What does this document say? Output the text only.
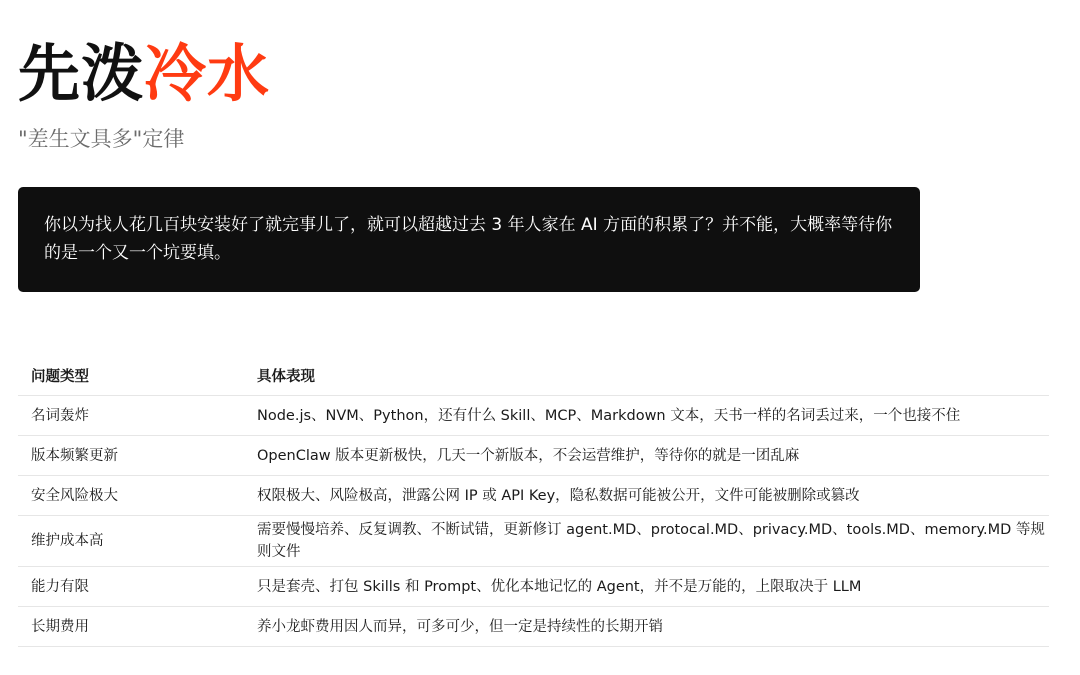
先泼冷水
"差生文具多"定律

你以为找人花几百块安装好了就完事儿了，就可以超越过去 3 年人家在 AI 方面的积累了？并不能，大概率等待你的是一个又一个坑要填。

问题类型	具体表现
名词轰炸	Node.js、NVM、Python，还有什么 Skill、MCP、Markdown 文本，天书一样的名词丢过来，一个也接不住
版本频繁更新	OpenClaw 版本更新极快，几天一个新版本，不会运营维护，等待你的就是一团乱麻
安全风险极大	权限极大、风险极高，泄露公网 IP 或 API Key，隐私数据可能被公开，文件可能被删除或篡改
维护成本高	需要慢慢培养、反复调教、不断试错，更新修订 agent.MD、protocal.MD、privacy.MD、tools.MD、memory.MD 等规则文件
能力有限	只是套壳、打包 Skills 和 Prompt、优化本地记忆的 Agent，并不是万能的，上限取决于 LLM
长期费用	养小龙虾费用因人而异，可多可少，但一定是持续性的长期开销
